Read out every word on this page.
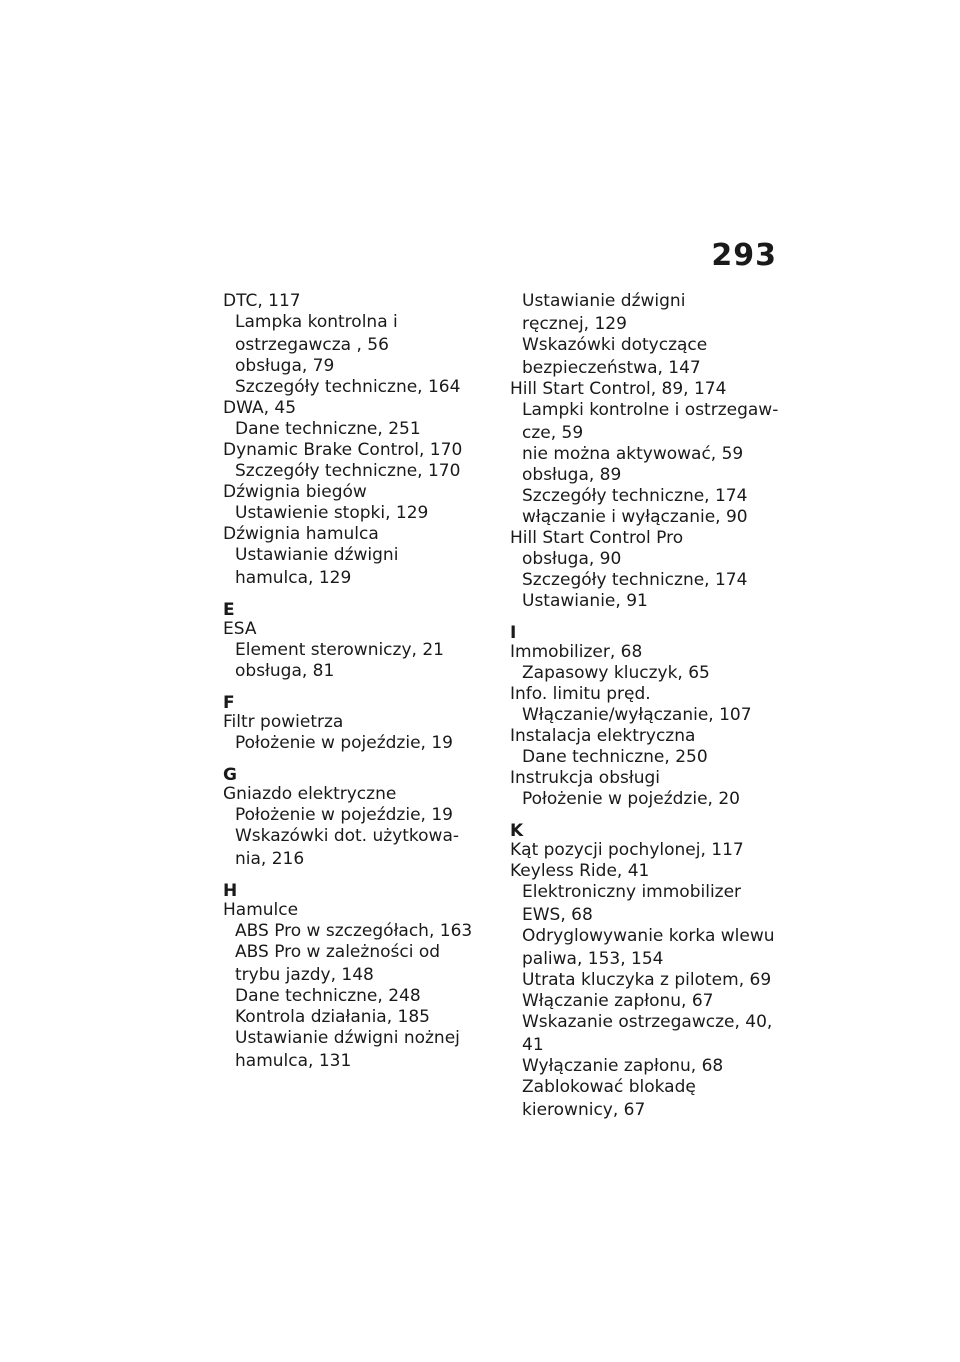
293
DTC, 117
Lampka kontrolna i
ostrzegawcza , 56
obsługa, 79
Szczegóły techniczne, 164
DWA, 45
Dane techniczne, 251
Dynamic Brake Control, 170
Szczegóły techniczne, 170
Dźwignia biegów
Ustawienie stopki, 129
Dźwignia hamulca
Ustawianie dźwigni
hamulca, 129
E
ESA
Element sterowniczy, 21
obsługa, 81
F
Filtr powietrza
Położenie w pojeździe, 19
G
Gniazdo elektryczne
Położenie w pojeździe, 19
Wskazówki dot. użytkowa-
nia, 216
H
Hamulce
ABS Pro w szczegółach, 163
ABS Pro w zależności od
trybu jazdy, 148
Dane techniczne, 248
Kontrola działania, 185
Ustawianie dźwigni nożnej
hamulca, 131
Ustawianie dźwigni
ręcznej, 129
Wskazówki dotyczące
bezpieczeństwa, 147
Hill Start Control, 89, 174
Lampki kontrolne i ostrzegaw-
cze, 59
nie można aktywować, 59
obsługa, 89
Szczegóły techniczne, 174
włączanie i wyłączanie, 90
Hill Start Control Pro
obsługa, 90
Szczegóły techniczne, 174
Ustawianie, 91
I
Immobilizer, 68
Zapasowy kluczyk, 65
Info. limitu pręd.
Włączanie/wyłączanie, 107
Instalacja elektryczna
Dane techniczne, 250
Instrukcja obsługi
Położenie w pojeździe, 20
K
Kąt pozycji pochylonej, 117
Keyless Ride, 41
Elektroniczny immobilizer
EWS, 68
Odryglowywanie korka wlewu
paliwa, 153, 154
Utrata kluczyka z pilotem, 69
Włączanie zapłonu, 67
Wskazanie ostrzegawcze, 40,
41
Wyłączanie zapłonu, 68
Zablokować blokadę
kierownicy, 67
